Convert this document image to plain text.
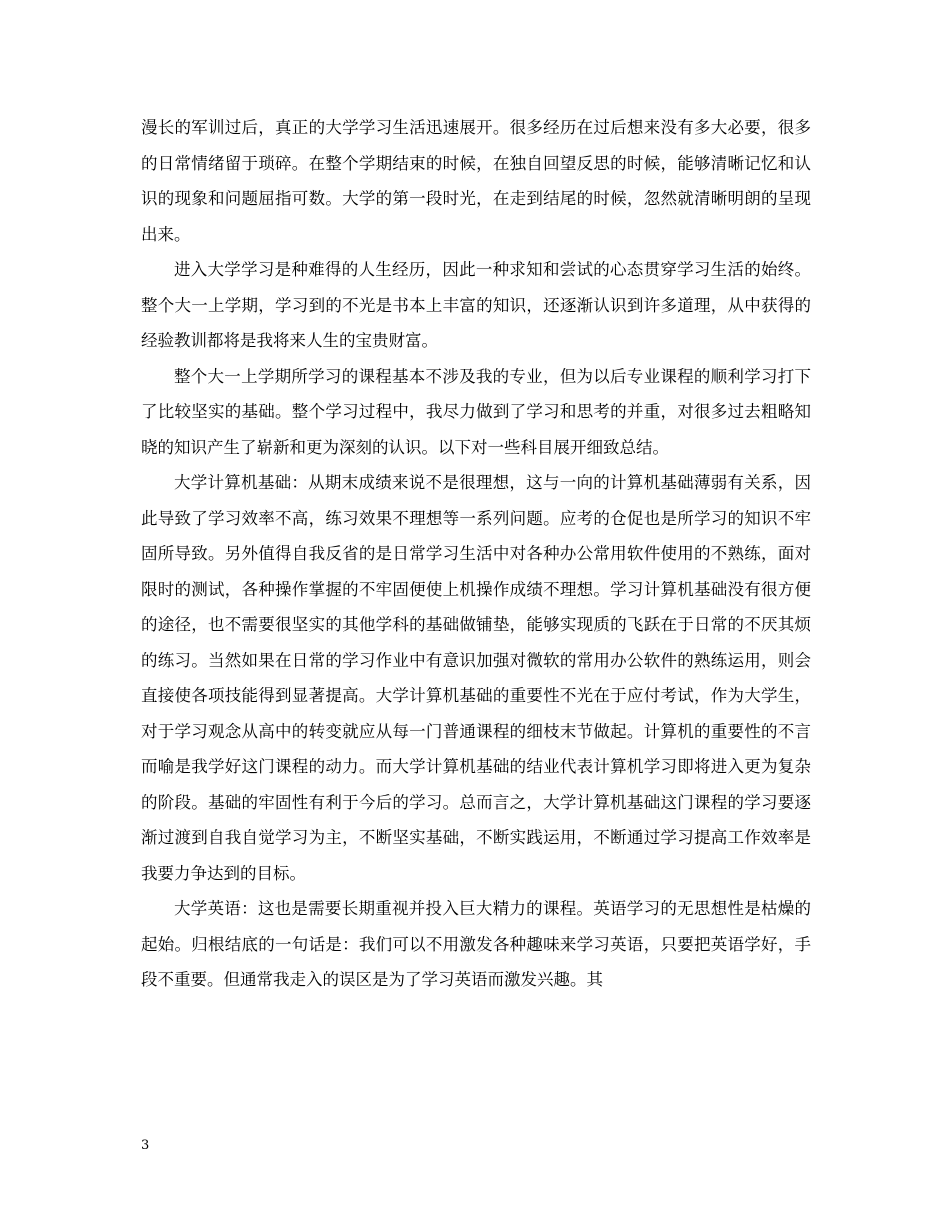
漫长的军训过后，真正的大学学习生活迅速展开。很多经历在过后想来没有多大必要，很多的日常情绪留于琐碎。在整个学期结束的时候，在独自回望反思的时候，能够清晰记忆和认识的现象和问题屈指可数。大学的第一段时光，在走到结尾的时候，忽然就清晰明朗的呈现出来。

进入大学学习是种难得的人生经历，因此一种求知和尝试的心态贯穿学习生活的始终。整个大一上学期，学习到的不光是书本上丰富的知识，还逐渐认识到许多道理，从中获得的经验教训都将是我将来人生的宝贵财富。

整个大一上学期所学习的课程基本不涉及我的专业，但为以后专业课程的顺利学习打下了比较坚实的基础。整个学习过程中，我尽力做到了学习和思考的并重，对很多过去粗略知晓的知识产生了崭新和更为深刻的认识。以下对一些科目展开细致总结。

大学计算机基础：从期末成绩来说不是很理想，这与一向的计算机基础薄弱有关系，因此导致了学习效率不高，练习效果不理想等一系列问题。应考的仓促也是所学习的知识不牢固所导致。另外值得自我反省的是日常学习生活中对各种办公常用软件使用的不熟练，面对限时的测试，各种操作掌握的不牢固便使上机操作成绩不理想。学习计算机基础没有很方便的途径，也不需要很坚实的其他学科的基础做铺垫，能够实现质的飞跃在于日常的不厌其烦的练习。当然如果在日常的学习作业中有意识加强对微软的常用办公软件的熟练运用，则会直接使各项技能得到显著提高。大学计算机基础的重要性不光在于应付考试，作为大学生，对于学习观念从高中的转变就应从每一门普通课程的细枝末节做起。计算机的重要性的不言而喻是我学好这门课程的动力。而大学计算机基础的结业代表计算机学习即将进入更为复杂的阶段。基础的牢固性有利于今后的学习。总而言之，大学计算机基础这门课程的学习要逐渐过渡到自我自觉学习为主，不断坚实基础，不断实践运用，不断通过学习提高工作效率是我要力争达到的目标。

大学英语：这也是需要长期重视并投入巨大精力的课程。英语学习的无思想性是枯燥的起始。归根结底的一句话是：我们可以不用激发各种趣味来学习英语，只要把英语学好，手段不重要。但通常我走入的误区是为了学习英语而激发兴趣。其

3
